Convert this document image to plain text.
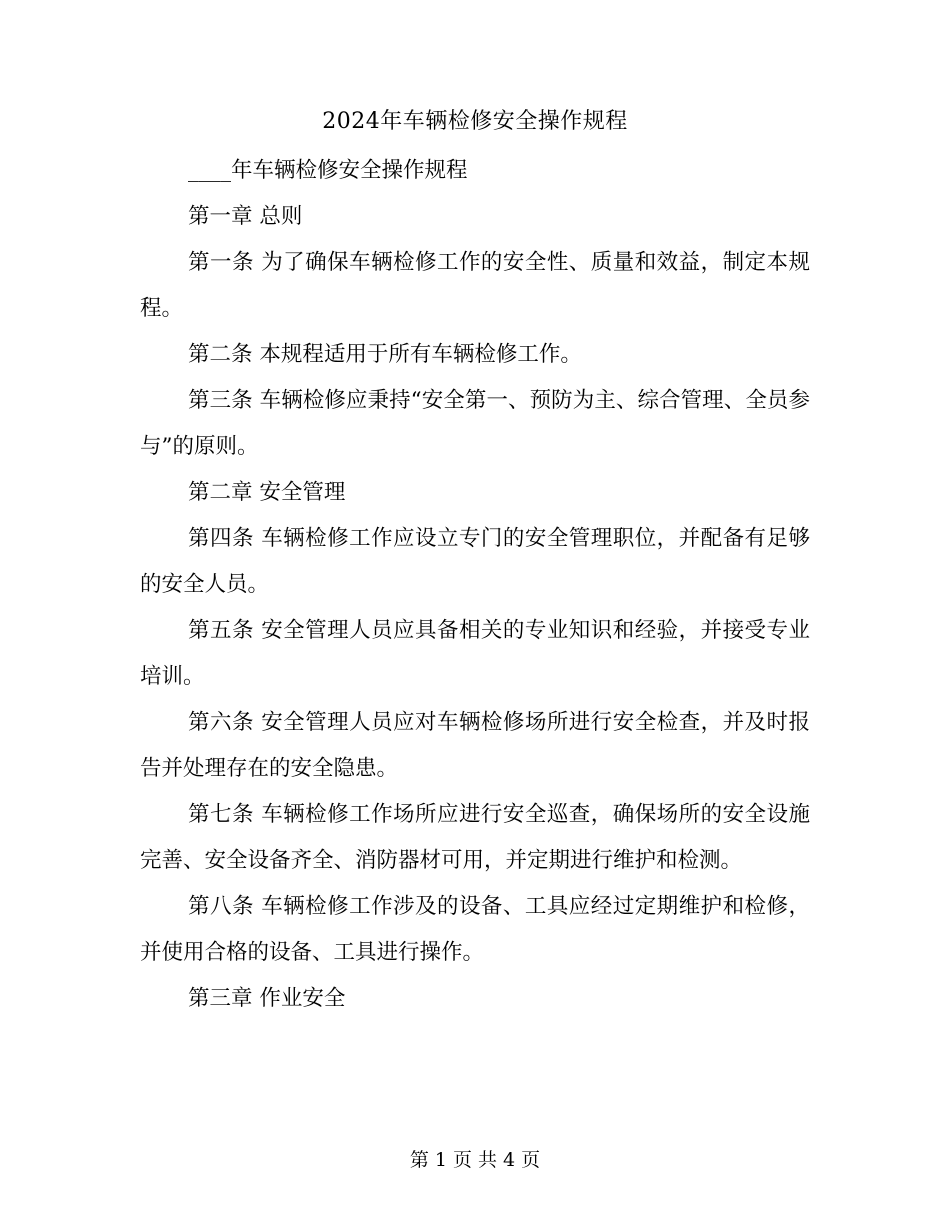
2024年车辆检修安全操作规程

____年车辆检修安全操作规程

第一章 总则

第一条 为了确保车辆检修工作的安全性、质量和效益，制定本规程。

第二条 本规程适用于所有车辆检修工作。

第三条 车辆检修应秉持“安全第一、预防为主、综合管理、全员参与”的原则。

第二章 安全管理

第四条 车辆检修工作应设立专门的安全管理职位，并配备有足够的安全人员。

第五条 安全管理人员应具备相关的专业知识和经验，并接受专业培训。

第六条 安全管理人员应对车辆检修场所进行安全检查，并及时报告并处理存在的安全隐患。

第七条 车辆检修工作场所应进行安全巡查，确保场所的安全设施完善、安全设备齐全、消防器材可用，并定期进行维护和检测。

第八条 车辆检修工作涉及的设备、工具应经过定期维护和检修，并使用合格的设备、工具进行操作。

第三章 作业安全

第 1 页 共 4 页
